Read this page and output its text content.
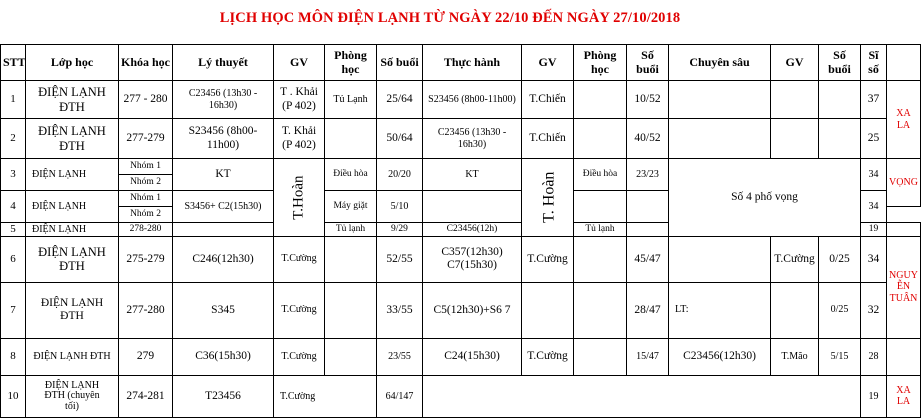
LỊCH HỌC MÔN ĐIỆN LẠNH TỪ NGÀY 22/10 ĐẾN NGÀY 27/10/2018
STT	Lớp học	Khóa học	Lý thuyết	GV	Phòng học	Số buổi	Thực hành	GV	Phòng học	Số buổi	Chuyên sâu	GV	Số buổi	Sĩ số	
1	ĐIỆN LẠNH ĐTH	277 - 280	C23456 (13h30 - 16h30)	T . Khải (P 402)	Tủ Lạnh	25/64	S23456 (8h00-11h00)	T.Chiến		10/52				37	XA LA
2	ĐIỆN LẠNH ĐTH	277-279	S23456 (8h00-11h00)	T. Khải (P 402)		50/64	C23456 (13h30 - 16h30)	T.Chiến		40/52				25	
3	ĐIỆN LẠNH	Nhóm 1	KT	T.Hoàn	Điều hòa	20/20	KT	T. Hoàn	Điều hòa	23/23	Số 4 phố vọng			34	VỌNG
		Nhóm 2													
4	ĐIỆN LẠNH	Nhóm 1	S3456+ C2(15h30)		Máy giặt	5/10								34	
		Nhóm 2													
5	ĐIỆN LẠNH	278-280			Tủ lạnh	9/29	C23456(12h)		Tủ lạnh					19	
6	ĐIỆN LẠNH ĐTH	275-279	C246(12h30)	T.Cường		52/55	C357(12h30) C7(15h30)	T.Cường		45/47		T.Cường	0/25	34	NGUY ỄN TUÂN
7	ĐIỆN LẠNH ĐTH	277-280	S345	T.Cường		33/55	C5(12h30)+S6 7			28/47	LT:		0/25	32	
8	ĐIỆN LẠNH ĐTH	279	C36(15h30)	T.Cường		23/55	C24(15h30)	T.Cường		15/47	C23456(12h30)	T.Mão	5/15	28	
10	ĐIỆN LẠNH
ĐTH (chuyên
tối)	274-281	T23456	T.Cường		64/147								19	XA LA
